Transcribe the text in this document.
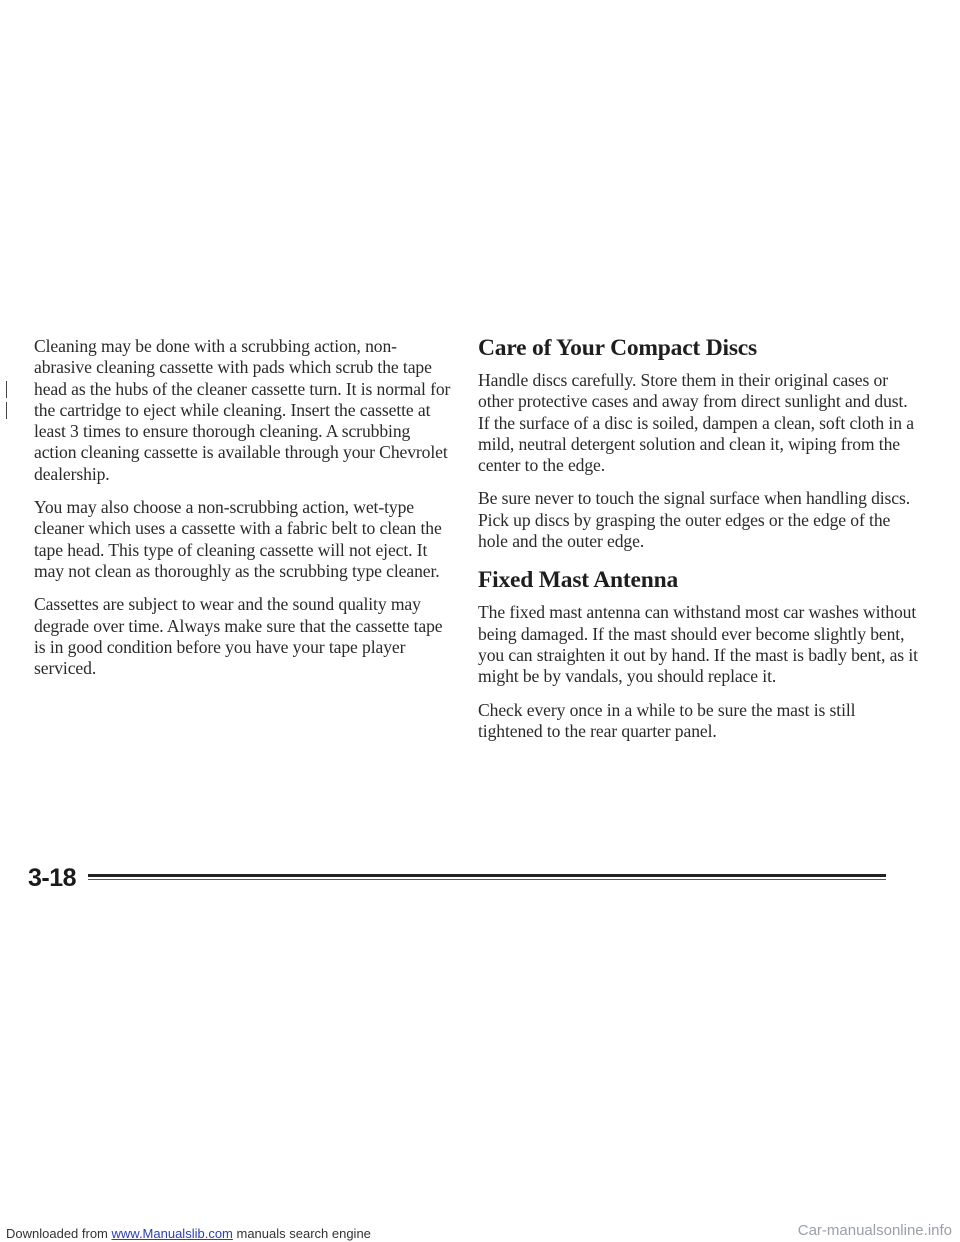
Cleaning may be done with a scrubbing action, non-abrasive cleaning cassette with pads which scrub the tape head as the hubs of the cleaner cassette turn. It is normal for the cartridge to eject while cleaning. Insert the cassette at least 3 times to ensure thorough cleaning. A scrubbing action cleaning cassette is available through your Chevrolet dealership.

You may also choose a non-scrubbing action, wet-type cleaner which uses a cassette with a fabric belt to clean the tape head. This type of cleaning cassette will not eject. It may not clean as thoroughly as the scrubbing type cleaner.

Cassettes are subject to wear and the sound quality may degrade over time. Always make sure that the cassette tape is in good condition before you have your tape player serviced.

Care of Your Compact Discs

Handle discs carefully. Store them in their original cases or other protective cases and away from direct sunlight and dust. If the surface of a disc is soiled, dampen a clean, soft cloth in a mild, neutral detergent solution and clean it, wiping from the center to the edge.

Be sure never to touch the signal surface when handling discs. Pick up discs by grasping the outer edges or the edge of the hole and the outer edge.

Fixed Mast Antenna

The fixed mast antenna can withstand most car washes without being damaged. If the mast should ever become slightly bent, you can straighten it out by hand. If the mast is badly bent, as it might be by vandals, you should replace it.

Check every once in a while to be sure the mast is still tightened to the rear quarter panel.

3-18
Downloaded from www.Manualslib.com manuals search engine	Car-manualsonline.info
